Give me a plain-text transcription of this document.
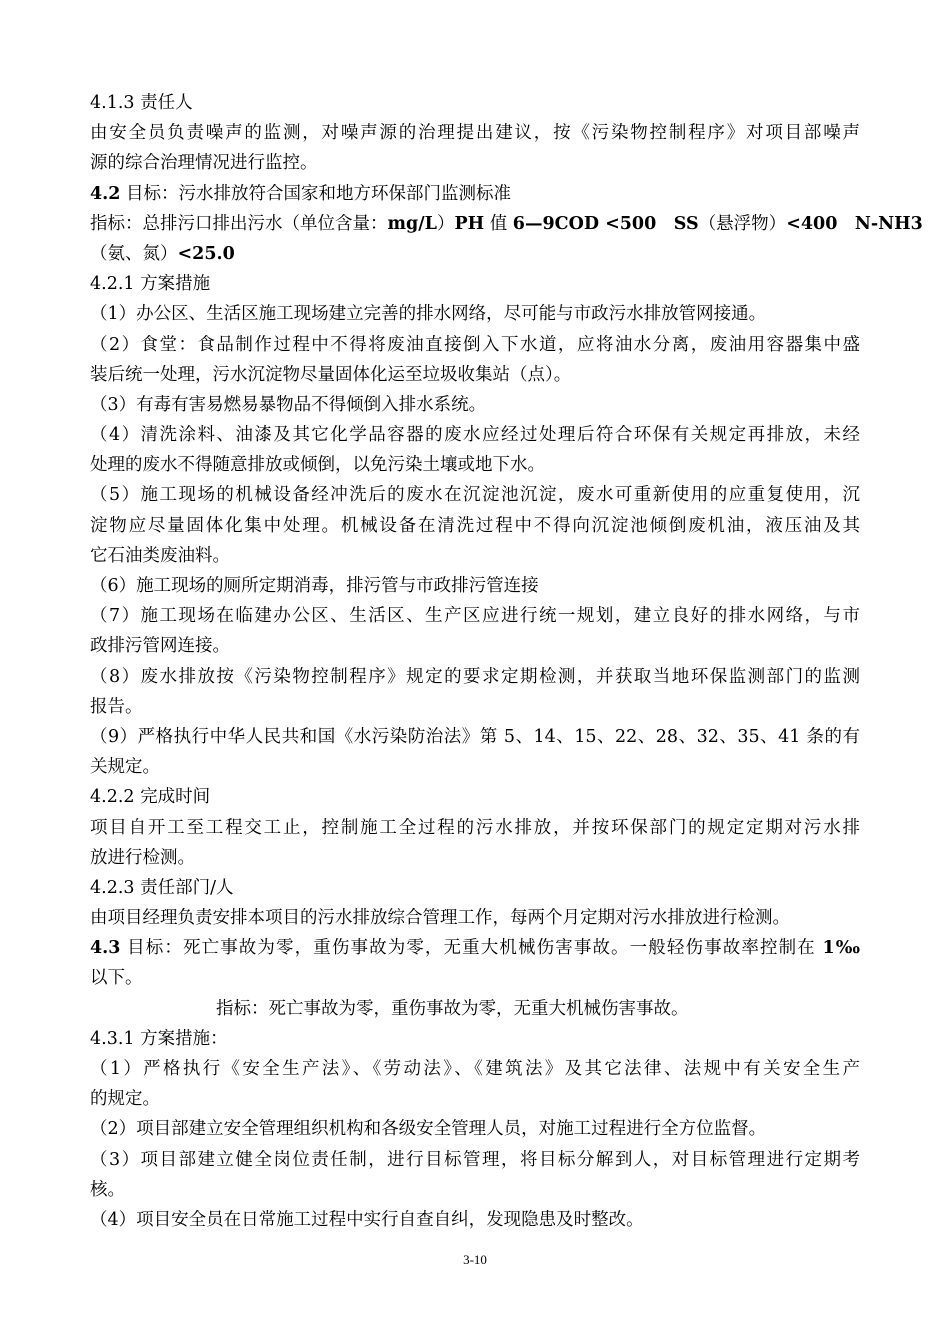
4.1.3 责任人
由安全员负责噪声的监测，对噪声源的治理提出建议，按《污染物控制程序》对项目部噪声
源的综合治理情况进行监控。
4.2 目标：污水排放符合国家和地方环保部门监测标准
指标：总排污口排出污水（单位含量：mg/L）PH 值 6—9COD <500　SS（悬浮物）<400　N-NH3
（氨、氮）<25.0
4.2.1 方案措施
（1）办公区、生活区施工现场建立完善的排水网络，尽可能与市政污水排放管网接通。
（2）食堂：食品制作过程中不得将废油直接倒入下水道，应将油水分离，废油用容器集中盛
装后统一处理，污水沉淀物尽量固体化运至垃圾收集站（点）。
（3）有毒有害易燃易暴物品不得倾倒入排水系统。
（4）清洗涂料、油漆及其它化学品容器的废水应经过处理后符合环保有关规定再排放，未经
处理的废水不得随意排放或倾倒，以免污染土壤或地下水。
（5）施工现场的机械设备经冲洗后的废水在沉淀池沉淀，废水可重新使用的应重复使用，沉
淀物应尽量固体化集中处理。机械设备在清洗过程中不得向沉淀池倾倒废机油，液压油及其
它石油类废油料。
（6）施工现场的厕所定期消毒，排污管与市政排污管连接
（7）施工现场在临建办公区、生活区、生产区应进行统一规划，建立良好的排水网络，与市
政排污管网连接。
（8）废水排放按《污染物控制程序》规定的要求定期检测，并获取当地环保监测部门的监测
报告。
（9）严格执行中华人民共和国《水污染防治法》第 5、14、15、22、28、32、35、41 条的有
关规定。
4.2.2 完成时间
项目自开工至工程交工止，控制施工全过程的污水排放，并按环保部门的规定定期对污水排
放进行检测。
4.2.3 责任部门/人
由项目经理负责安排本项目的污水排放综合管理工作，每两个月定期对污水排放进行检测。
4.3 目标：死亡事故为零，重伤事故为零，无重大机械伤害事故。一般轻伤事故率控制在 1‰
以下。
指标：死亡事故为零，重伤事故为零，无重大机械伤害事故。
4.3.1 方案措施：
（1）严格执行《安全生产法》、《劳动法》、《建筑法》及其它法律、法规中有关安全生产
的规定。
（2）项目部建立安全管理组织机构和各级安全管理人员，对施工过程进行全方位监督。
（3）项目部建立健全岗位责任制，进行目标管理，将目标分解到人，对目标管理进行定期考
核。
（4）项目安全员在日常施工过程中实行自查自纠，发现隐患及时整改。
3-10
